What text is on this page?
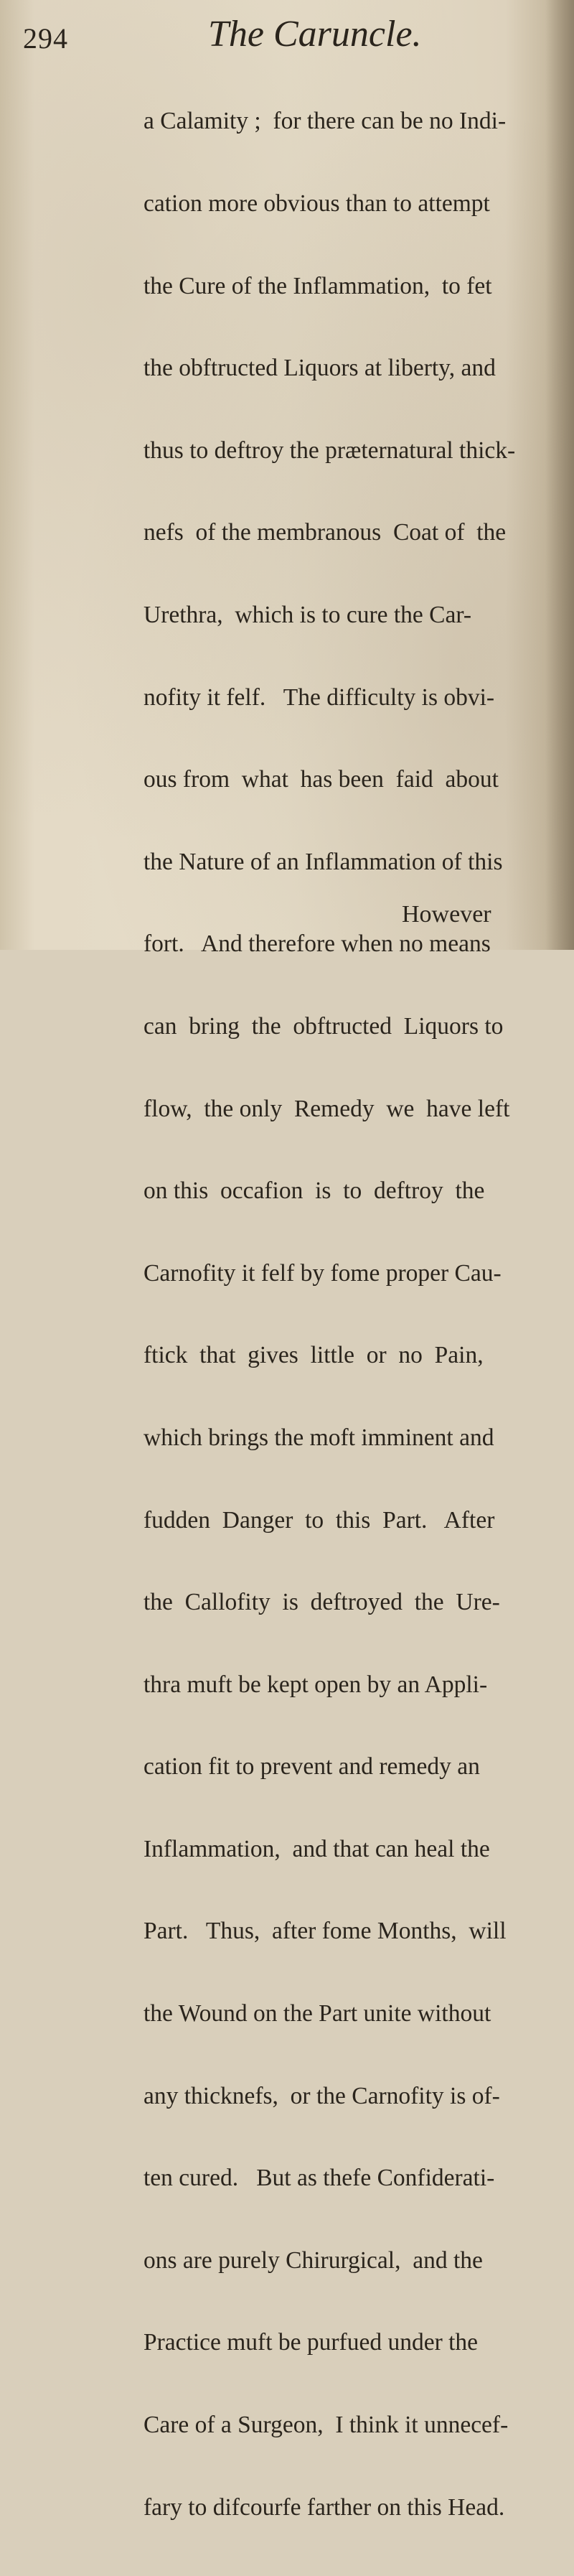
294	The Caruncle.

a Calamity ;  for there can be no Indi-

cation more obvious than to attempt

the Cure of the Inflammation,  to fet

the obftructed Liquors at liberty, and

thus to deftroy the præternatural thick-

nefs  of the membranous  Coat of  the

Urethra,  which is to cure the Car-

nofity it felf.   The difficulty is obvi-

ous from  what  has been  faid  about

the Nature of an Inflammation of this

fort.   And therefore when no means

can  bring  the  obftructed  Liquors to

flow,  the only  Remedy  we  have left

on this  occafion  is  to  deftroy  the

Carnofity it felf by fome proper Cau-

ftick  that  gives  little  or  no  Pain,

which brings the moft imminent and

fudden  Danger  to  this  Part.   After

the  Callofity  is  deftroyed  the  Ure-

thra muft be kept open by an Appli-

cation fit to prevent and remedy an

Inflammation,  and that can heal the

Part.   Thus,  after fome Months,  will

the Wound on the Part unite without

any thicknefs,  or the Carnofity is of-

ten cured.   But as thefe Confiderati-

ons are purely Chirurgical,  and the

Practice muft be purfued under the

Care of a Surgeon,  I think it unnecef-

fary to difcourfe farther on this Head.

However
